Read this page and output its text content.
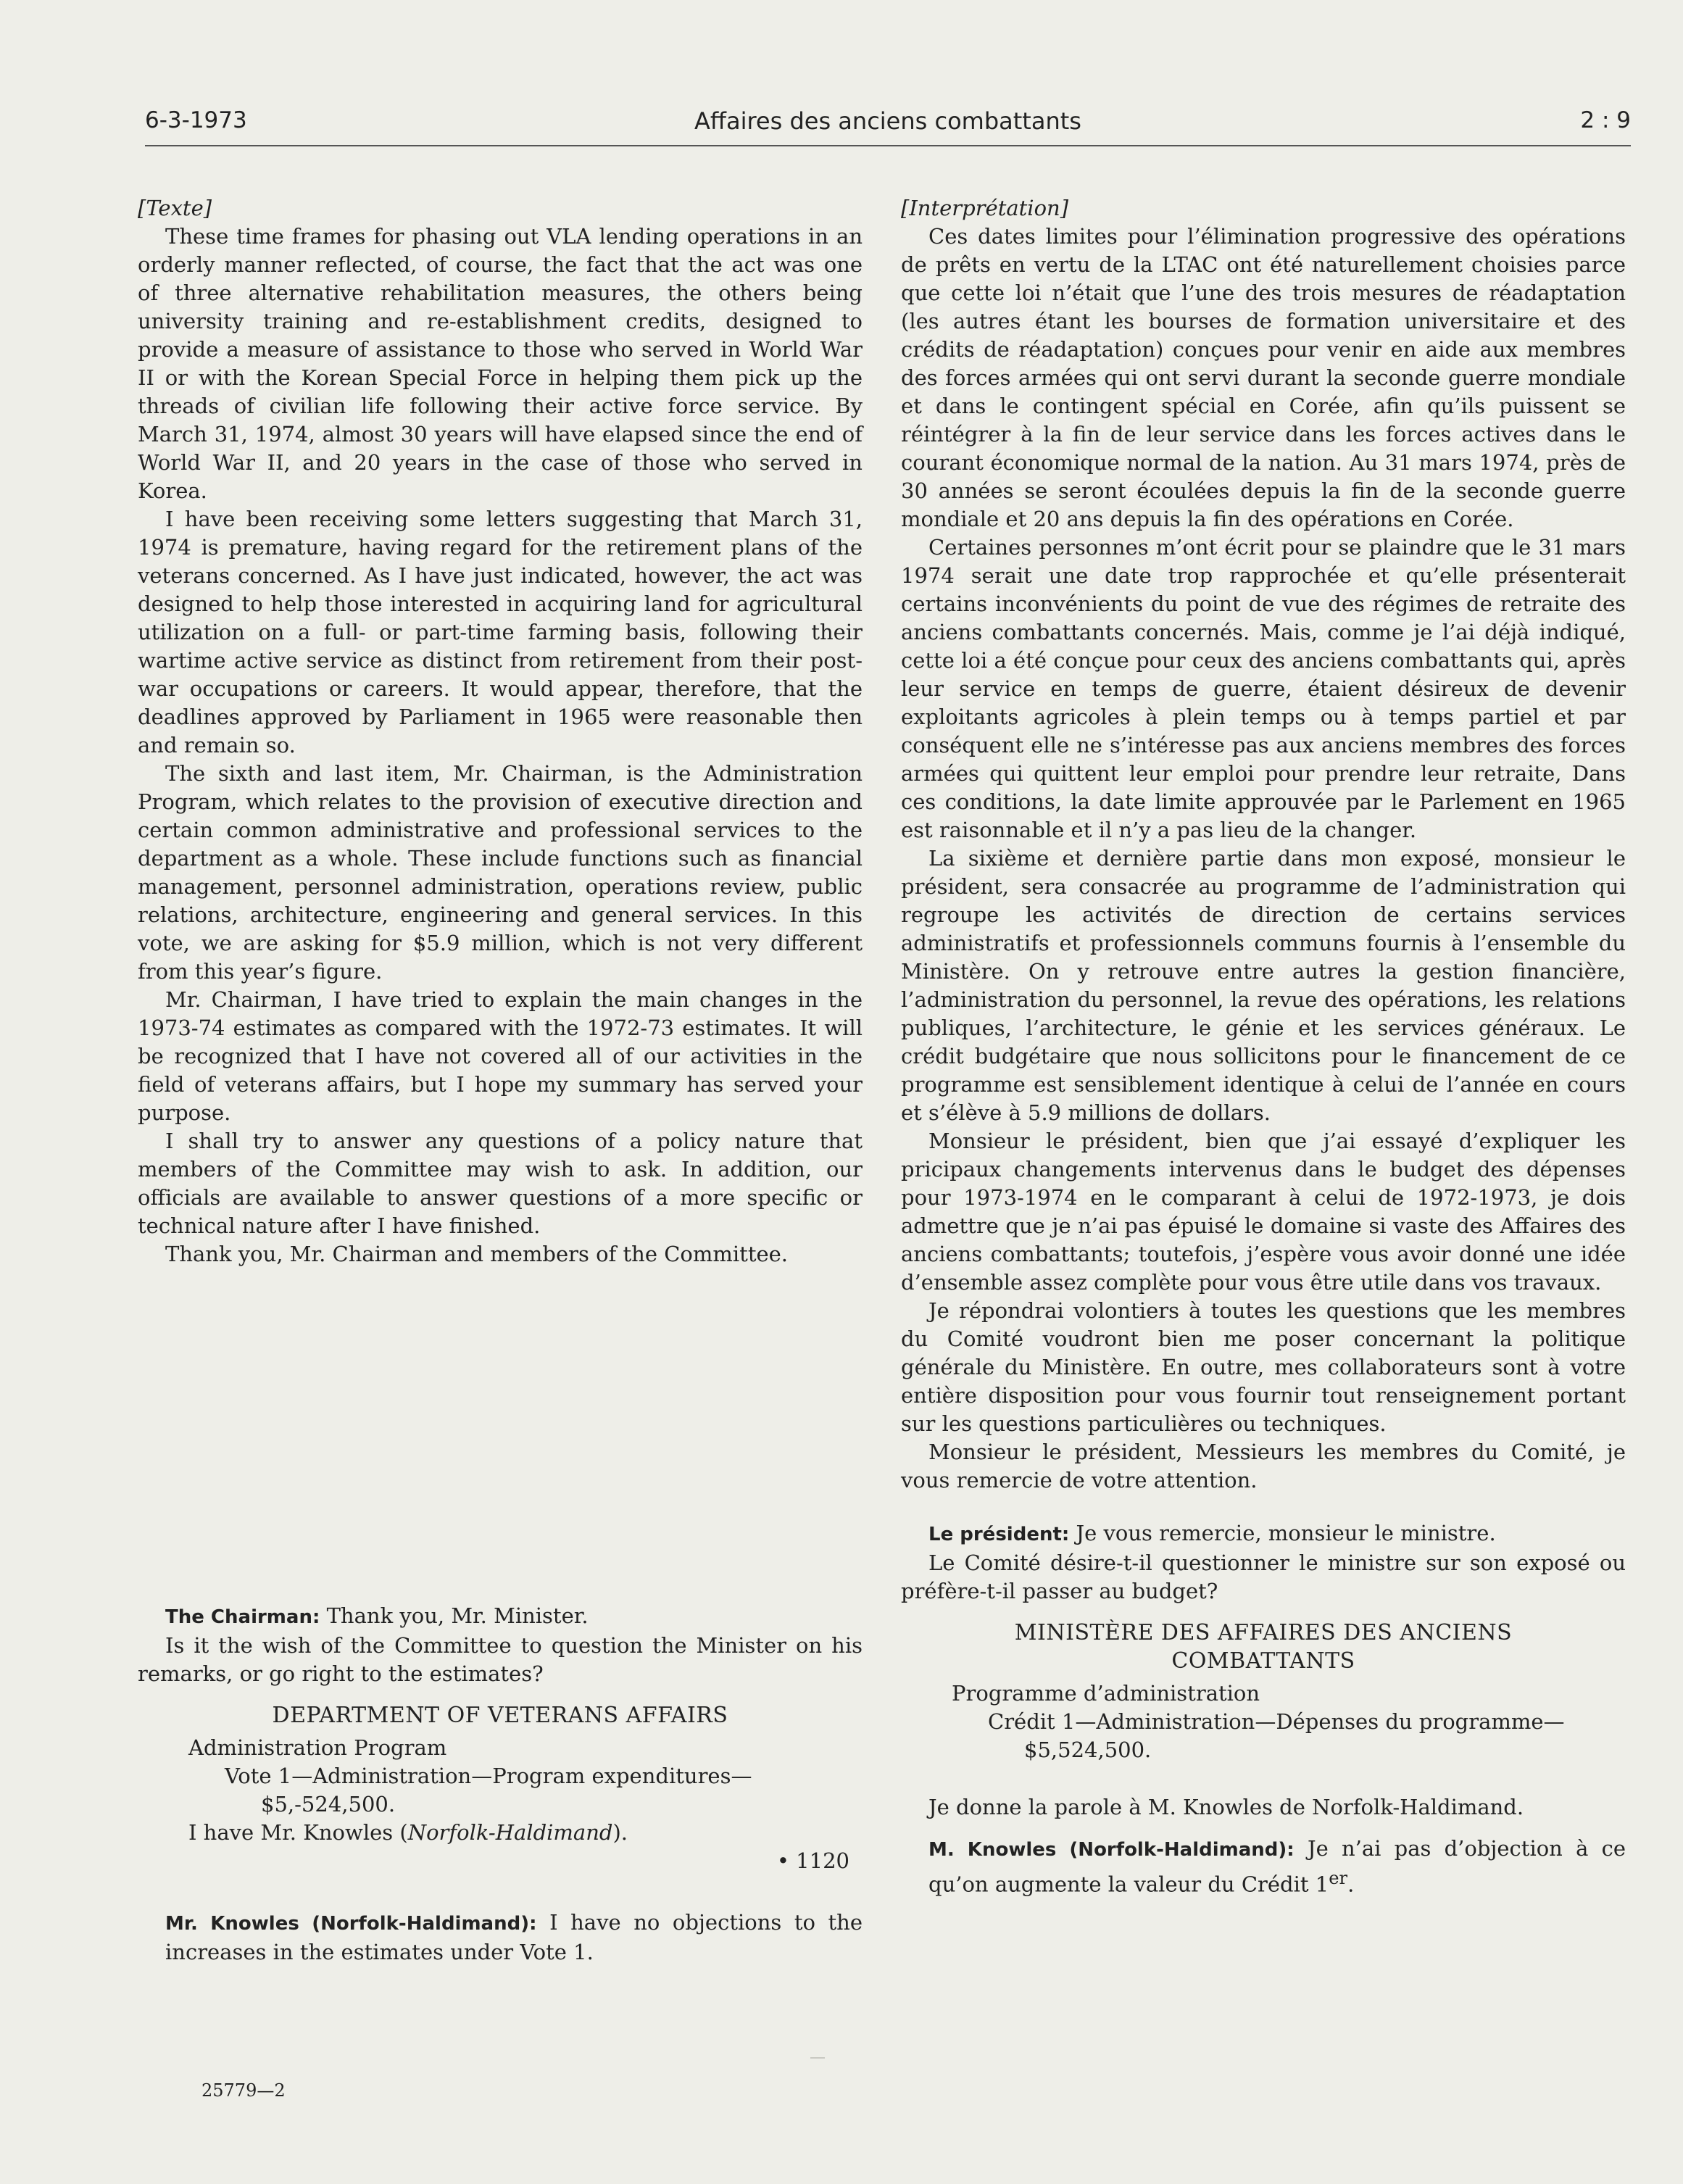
6-3-1973	Affaires des anciens combattants	2 : 9

[Texte]

These time frames for phasing out VLA lending operations in an orderly manner reflected, of course, the fact that the act was one of three alternative rehabilitation measures, the others being university training and re-establishment credits, designed to provide a measure of assistance to those who served in World War II or with the Korean Special Force in helping them pick up the threads of civilian life following their active force service. By March 31, 1974, almost 30 years will have elapsed since the end of World War II, and 20 years in the case of those who served in Korea.

I have been receiving some letters suggesting that March 31, 1974 is premature, having regard for the retirement plans of the veterans concerned. As I have just indicated, however, the act was designed to help those interested in acquiring land for agricultural utilization on a full- or part-time farming basis, following their wartime active service as distinct from retirement from their post-war occupations or careers. It would appear, therefore, that the deadlines approved by Parliament in 1965 were reasonable then and remain so.

The sixth and last item, Mr. Chairman, is the Administration Program, which relates to the provision of executive direction and certain common administrative and professional services to the department as a whole. These include functions such as financial management, personnel administration, operations review, public relations, architecture, engineering and general services. In this vote, we are asking for $5.9 million, which is not very different from this year’s figure.

Mr. Chairman, I have tried to explain the main changes in the 1973-74 estimates as compared with the 1972-73 estimates. It will be recognized that I have not covered all of our activities in the field of veterans affairs, but I hope my summary has served your purpose.

I shall try to answer any questions of a policy nature that members of the Committee may wish to ask. In addition, our officials are available to answer questions of a more specific or technical nature after I have finished.

Thank you, Mr. Chairman and members of the Committee.

The Chairman: Thank you, Mr. Minister.

Is it the wish of the Committee to question the Minister on his remarks, or go right to the estimates?

DEPARTMENT OF VETERANS AFFAIRS
Administration Program
Vote 1—Administration—Program expenditures—$5,-524,500.
I have Mr. Knowles (Norfolk-Haldimand).
• 1120

Mr. Knowles (Norfolk-Haldimand): I have no objections to the increases in the estimates under Vote 1.

[Interprétation]

Ces dates limites pour l’élimination progressive des opérations de prêts en vertu de la LTAC ont été naturellement choisies parce que cette loi n’était que l’une des trois mesures de réadaptation (les autres étant les bourses de formation universitaire et des crédits de réadaptation) conçues pour venir en aide aux membres des forces armées qui ont servi durant la seconde guerre mondiale et dans le contingent spécial en Corée, afin qu’ils puissent se réintégrer à la fin de leur service dans les forces actives dans le courant économique normal de la nation. Au 31 mars 1974, près de 30 années se seront écoulées depuis la fin de la seconde guerre mondiale et 20 ans depuis la fin des opérations en Corée.

Certaines personnes m’ont écrit pour se plaindre que le 31 mars 1974 serait une date trop rapprochée et qu’elle présenterait certains inconvénients du point de vue des régimes de retraite des anciens combattants concernés. Mais, comme je l’ai déjà indiqué, cette loi a été conçue pour ceux des anciens combattants qui, après leur service en temps de guerre, étaient désireux de devenir exploitants agricoles à plein temps ou à temps partiel et par conséquent elle ne s’intéresse pas aux anciens membres des forces armées qui quittent leur emploi pour prendre leur retraite, Dans ces conditions, la date limite approuvée par le Parlement en 1965 est raisonnable et il n’y a pas lieu de la changer.

La sixième et dernière partie dans mon exposé, monsieur le président, sera consacrée au programme de l’administration qui regroupe les activités de direction de certains services administratifs et professionnels communs fournis à l’ensemble du Ministère. On y retrouve entre autres la gestion financière, l’administration du personnel, la revue des opérations, les relations publiques, l’architecture, le génie et les services généraux. Le crédit budgétaire que nous sollicitons pour le financement de ce programme est sensiblement identique à celui de l’année en cours et s’élève à 5.9 millions de dollars.

Monsieur le président, bien que j’ai essayé d’expliquer les pricipaux changements intervenus dans le budget des dépenses pour 1973-1974 en le comparant à celui de 1972-1973, je dois admettre que je n’ai pas épuisé le domaine si vaste des Affaires des anciens combattants; toutefois, j’espère vous avoir donné une idée d’ensemble assez complète pour vous être utile dans vos travaux.

Je répondrai volontiers à toutes les questions que les membres du Comité voudront bien me poser concernant la politique générale du Ministère. En outre, mes collaborateurs sont à votre entière disposition pour vous fournir tout renseignement portant sur les questions particulières ou techniques.

Monsieur le président, Messieurs les membres du Comité, je vous remercie de votre attention.

Le président: Je vous remercie, monsieur le ministre.

Le Comité désire-t-il questionner le ministre sur son exposé ou préfère-t-il passer au budget?

MINISTÈRE DES AFFAIRES DES ANCIENS COMBATTANTS
Programme d’administration
Crédit 1—Administration—Dépenses du programme—$5,524,500.

Je donne la parole à M. Knowles de Norfolk-Haldimand.

M. Knowles (Norfolk-Haldimand): Je n’ai pas d’objection à ce qu’on augmente la valeur du Crédit 1er.

25779—2
